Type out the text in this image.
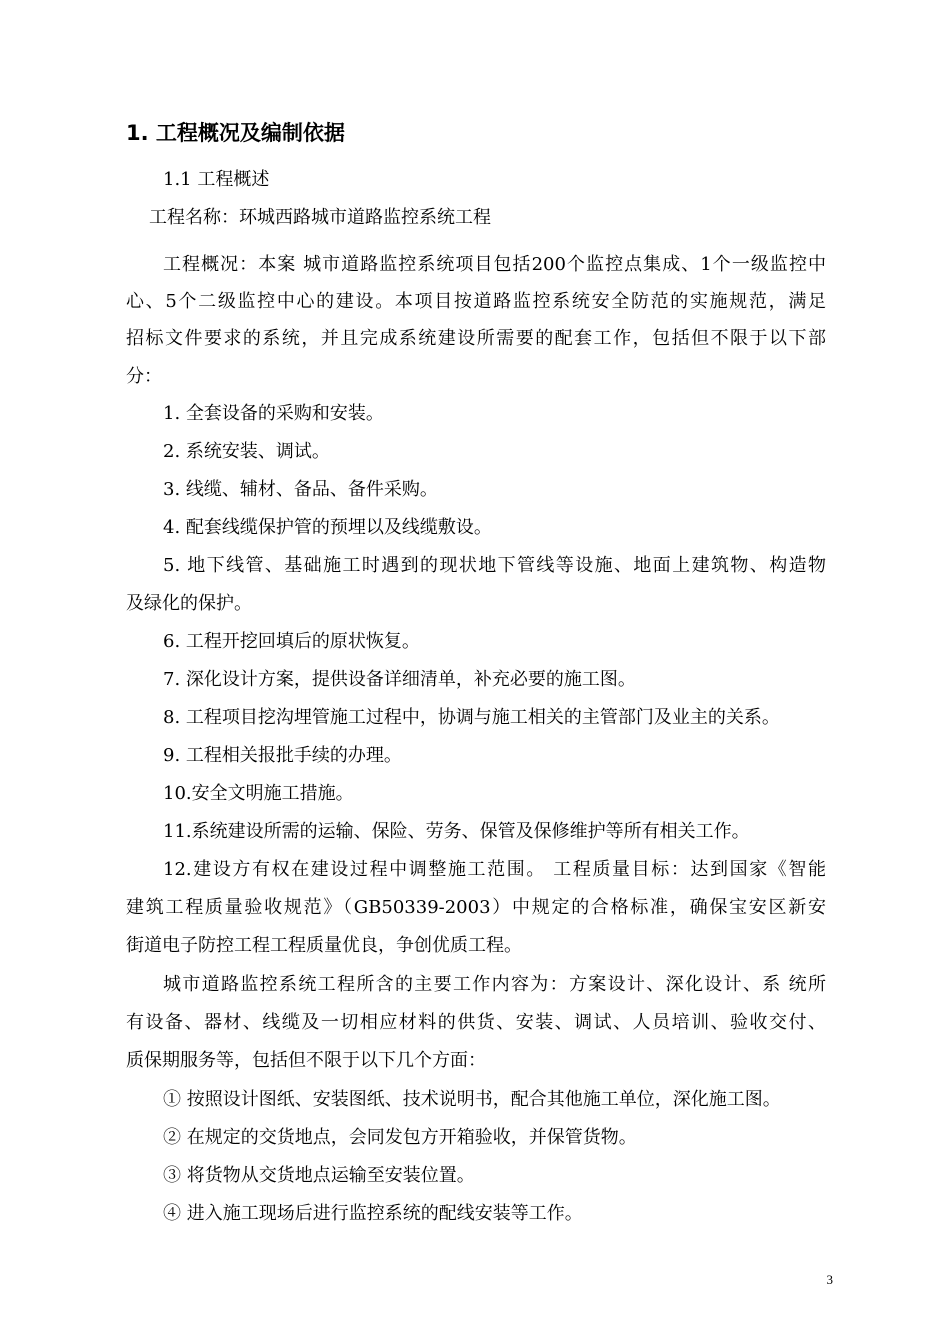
1. 工程概况及编制依据
1.1 工程概述
工程名称：环城西路城市道路监控系统工程
工程概况：本案 城市道路监控系统项目包括200个监控点集成、1个一级监控中
心、5个二级监控中心的建设。本项目按道路监控系统安全防范的实施规范，满足
招标文件要求的系统，并且完成系统建设所需要的配套工作，包括但不限于以下部
分：
1. 全套设备的采购和安装。
2. 系统安装、调试。
3. 线缆、辅材、备品、备件采购。
4. 配套线缆保护管的预埋以及线缆敷设。
5. 地下线管、基础施工时遇到的现状地下管线等设施、地面上建筑物、构造物
及绿化的保护。
6. 工程开挖回填后的原状恢复。
7. 深化设计方案，提供设备详细清单，补充必要的施工图。
8. 工程项目挖沟埋管施工过程中，协调与施工相关的主管部门及业主的关系。
9. 工程相关报批手续的办理。
10.安全文明施工措施。
11.系统建设所需的运输、保险、劳务、保管及保修维护等所有相关工作。
12.建设方有权在建设过程中调整施工范围。 工程质量目标：达到国家《智能
建筑工程质量验收规范》（GB50339-2003）中规定的合格标准，确保宝安区新安
街道电子防控工程工程质量优良，争创优质工程。
城市道路监控系统工程所含的主要工作内容为：方案设计、深化设计、系 统所
有设备、器材、线缆及一切相应材料的供货、安装、调试、人员培训、验收交付、
质保期服务等，包括但不限于以下几个方面：
① 按照设计图纸、安装图纸、技术说明书，配合其他施工单位，深化施工图。
② 在规定的交货地点，会同发包方开箱验收，并保管货物。
③ 将货物从交货地点运输至安装位置。
④ 进入施工现场后进行监控系统的配线安装等工作。
3
